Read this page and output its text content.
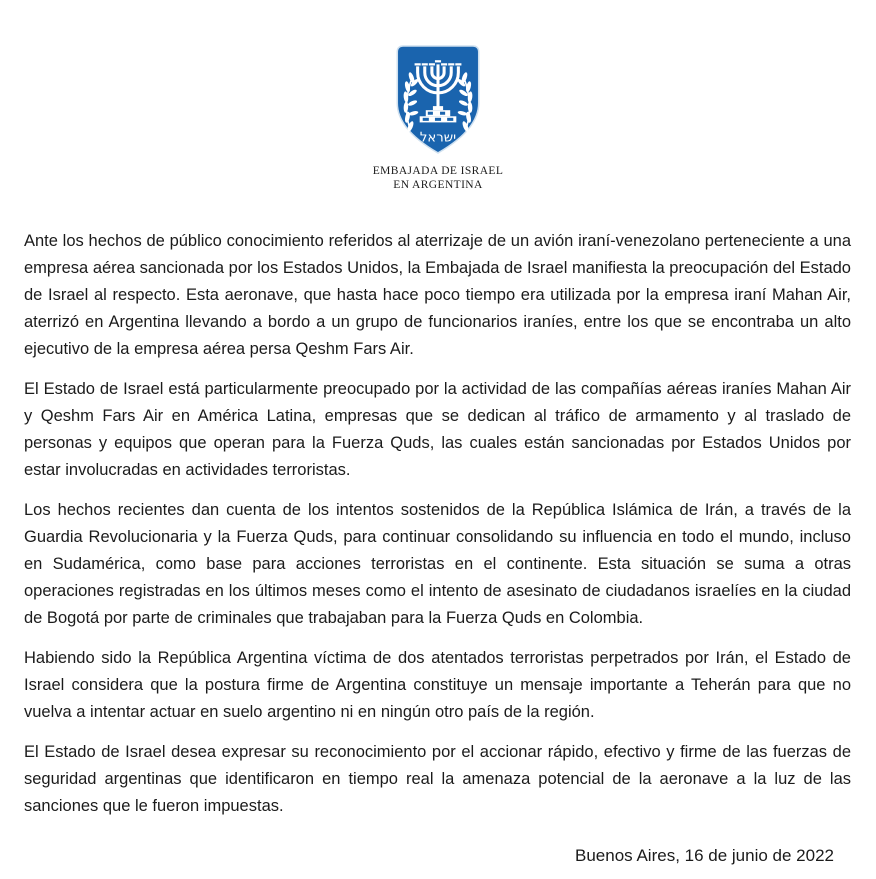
ישראל
EMBAJADA DE ISRAEL
EN ARGENTINA

Ante los hechos de público conocimiento referidos al aterrizaje de un avión iraní-venezolano perteneciente a una empresa aérea sancionada por los Estados Unidos, la Embajada de Israel manifiesta la preocupación del Estado de Israel al respecto. Esta aeronave, que hasta hace poco tiempo era utilizada por la empresa iraní Mahan Air, aterrizó en Argentina llevando a bordo a un grupo de funcionarios iraníes, entre los que se encontraba un alto ejecutivo de la empresa aérea persa Qeshm Fars Air.

El Estado de Israel está particularmente preocupado por la actividad de las compañías aéreas iraníes Mahan Air y Qeshm Fars Air en América Latina, empresas que se dedican al tráfico de armamento y al traslado de personas y equipos que operan para la Fuerza Quds, las cuales están sancionadas por Estados Unidos por estar involucradas en actividades terroristas.

Los hechos recientes dan cuenta de los intentos sostenidos de la República Islámica de Irán, a través de la Guardia Revolucionaria y la Fuerza Quds, para continuar consolidando su influencia en todo el mundo, incluso en Sudamérica, como base para acciones terroristas en el continente. Esta situación se suma a otras operaciones registradas en los últimos meses como el intento de asesinato de ciudadanos israelíes en la ciudad de Bogotá por parte de criminales que trabajaban para la Fuerza Quds en Colombia.

Habiendo sido la República Argentina víctima de dos atentados terroristas perpetrados por Irán, el Estado de Israel considera que la postura firme de Argentina constituye un mensaje importante a Teherán para que no vuelva a intentar actuar en suelo argentino ni en ningún otro país de la región.

El Estado de Israel desea expresar su reconocimiento por el accionar rápido, efectivo y firme de las fuerzas de seguridad argentinas que identificaron en tiempo real la amenaza potencial de la aeronave a la luz de las sanciones que le fueron impuestas.

Buenos Aires, 16 de junio de 2022
